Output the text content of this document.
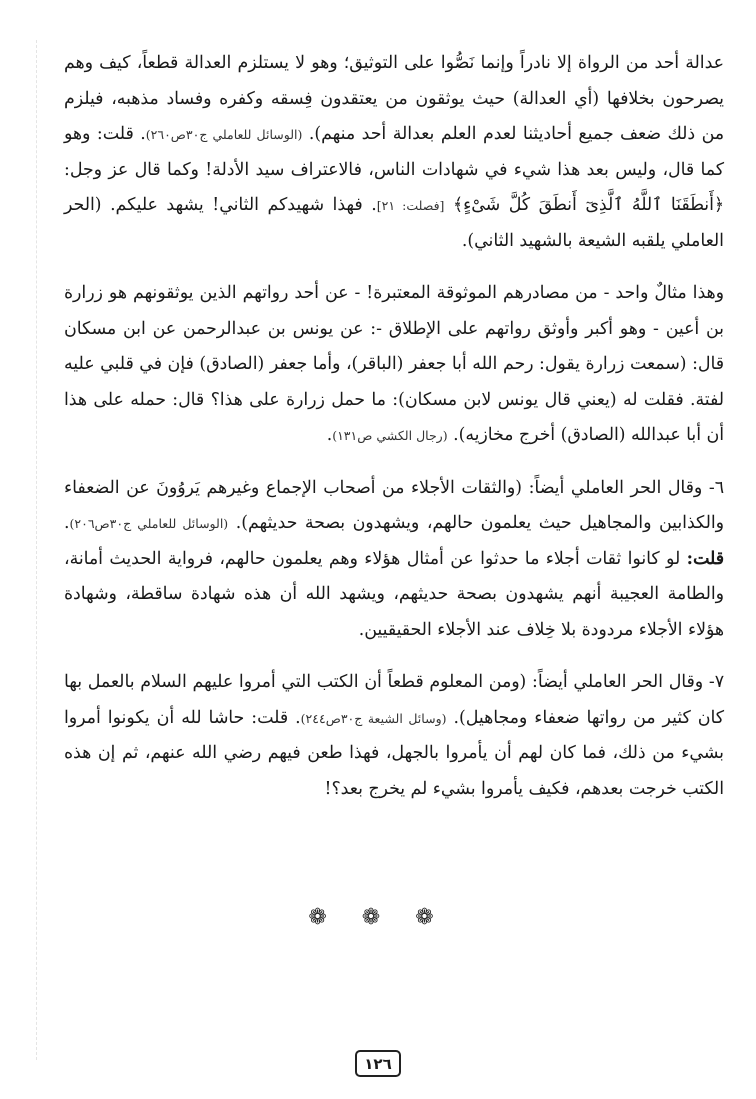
عدالة أحد من الرواة إلا نادراً وإنما نَصُّوا على التوثيق؛ وهو لا يستلزم العدالة قطعاً، كيف وهم يصرحون بخلافها (أي العدالة) حيث يوثقون من يعتقدون فِسقه وكفره وفساد مذهبه، فيلزم من ذلك ضعف جميع أحاديثنا لعدم العلم بعدالة أحد منهم). (الوسائل للعاملي ج٣٠ص٢٦٠). قلت: وهو كما قال، وليس بعد هذا شيء في شهادات الناس، فالاعتراف سيد الأدلة! وكما قال عز وجل: ﴿أَنطَقَنَا ٱللَّهُ ٱلَّذِىٓ أَنطَقَ كُلَّ شَىْءٍ﴾ [فصلت: ٢١]. فهذا شهيدكم الثاني! يشهد عليكم. (الحر العاملي يلقبه الشيعة بالشهيد الثاني).

وهذا مثالٌ واحد - من مصادرهم الموثوقة المعتبرة! - عن أحد رواتهم الذين يوثقونهم هو زرارة بن أعين - وهو أكبر وأوثق رواتهم على الإطلاق -: عن يونس بن عبدالرحمن عن ابن مسكان قال: (سمعت زرارة يقول: رحم الله أبا جعفر (الباقر)، وأما جعفر (الصادق) فإن في قلبي عليه لفتة. فقلت له (يعني قال يونس لابن مسكان): ما حمل زرارة على هذا؟ قال: حمله على هذا أن أبا عبدالله (الصادق) أخرج مخازيه). (رجال الكشي ص١٣١).

٦- وقال الحر العاملي أيضاً: (والثقات الأجلاء من أصحاب الإجماع وغيرهم يَروُونَ عن الضعفاء والكذابين والمجاهيل حيث يعلمون حالهم، ويشهدون بصحة حديثهم). (الوسائل للعاملي ج٣٠ص٢٠٦). قلت: لو كانوا ثقات أجلاء ما حدثوا عن أمثال هؤلاء وهم يعلمون حالهم، فرواية الحديث أمانة، والطامة العجيبة أنهم يشهدون بصحة حديثهم، ويشهد الله أن هذه شهادة ساقطة، وشهادة هؤلاء الأجلاء مردودة بلا خِلاف عند الأجلاء الحقيقيين.

٧- وقال الحر العاملي أيضاً: (ومن المعلوم قطعاً أن الكتب التي أمروا عليهم السلام بالعمل بها كان كثير من رواتها ضعفاء ومجاهيل). (وسائل الشيعة ج٣٠ص٢٤٤). قلت: حاشا لله أن يكونوا أمروا بشيء من ذلك، فما كان لهم أن يأمروا بالجهل، فهذا طعن فيهم رضي الله عنهم، ثم إن هذه الكتب خرجت بعدهم، فكيف يأمروا بشيء لم يخرج بعد؟!

❁ ❁ ❁
١٢٦
